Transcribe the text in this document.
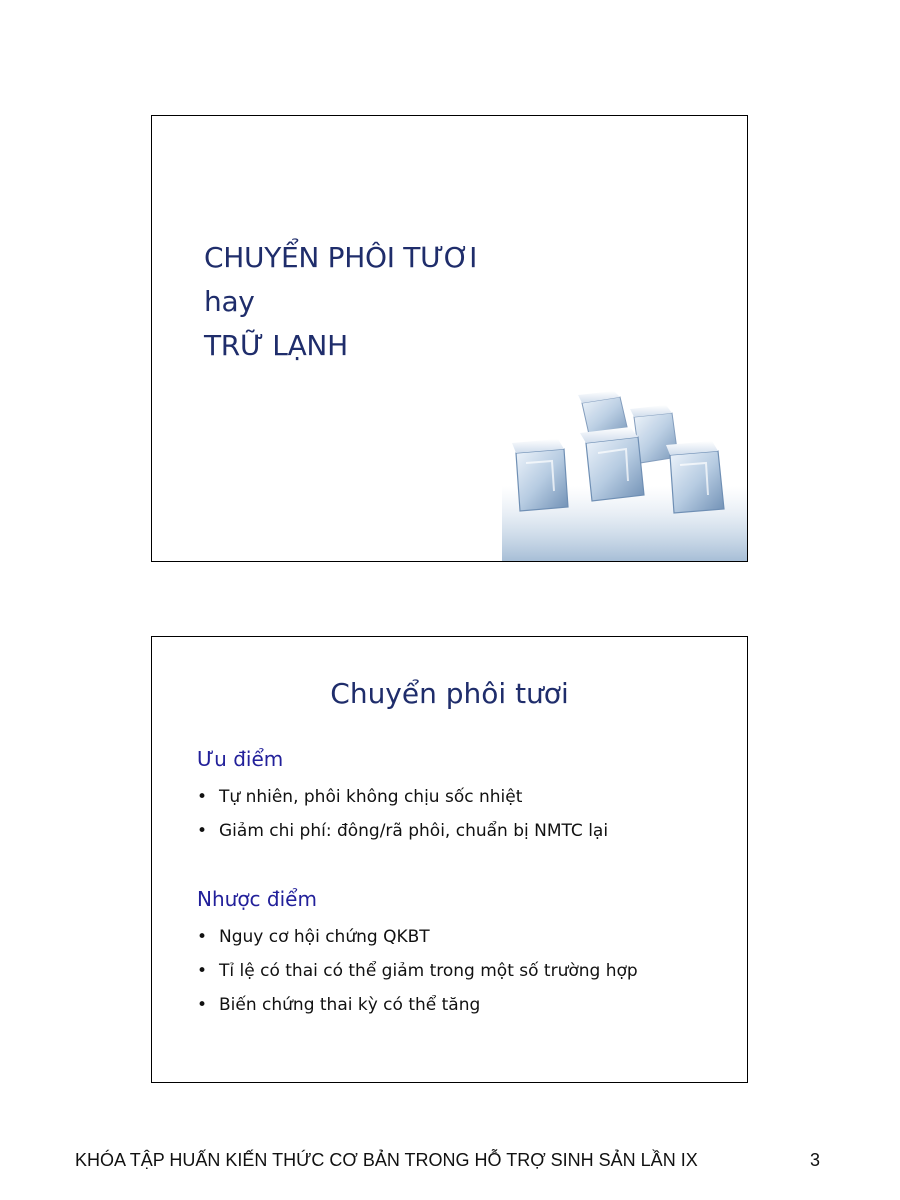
CHUYỂN PHÔI TƯƠI
hay
TRỮ LẠNH
Chuyển phôi tươi
Ưu điểm
• Tự nhiên, phôi không chịu sốc nhiệt
• Giảm chi phí: đông/rã phôi, chuẩn bị NMTC lại
Nhược điểm
• Nguy cơ hội chứng QKBT
• Tỉ lệ có thai có thể giảm trong một số trường hợp
• Biến chứng thai kỳ có thể tăng
KHÓA TẬP HUẤN KIẾN THỨC CƠ BẢN TRONG HỖ TRỢ SINH SẢN LẦN IX	3
